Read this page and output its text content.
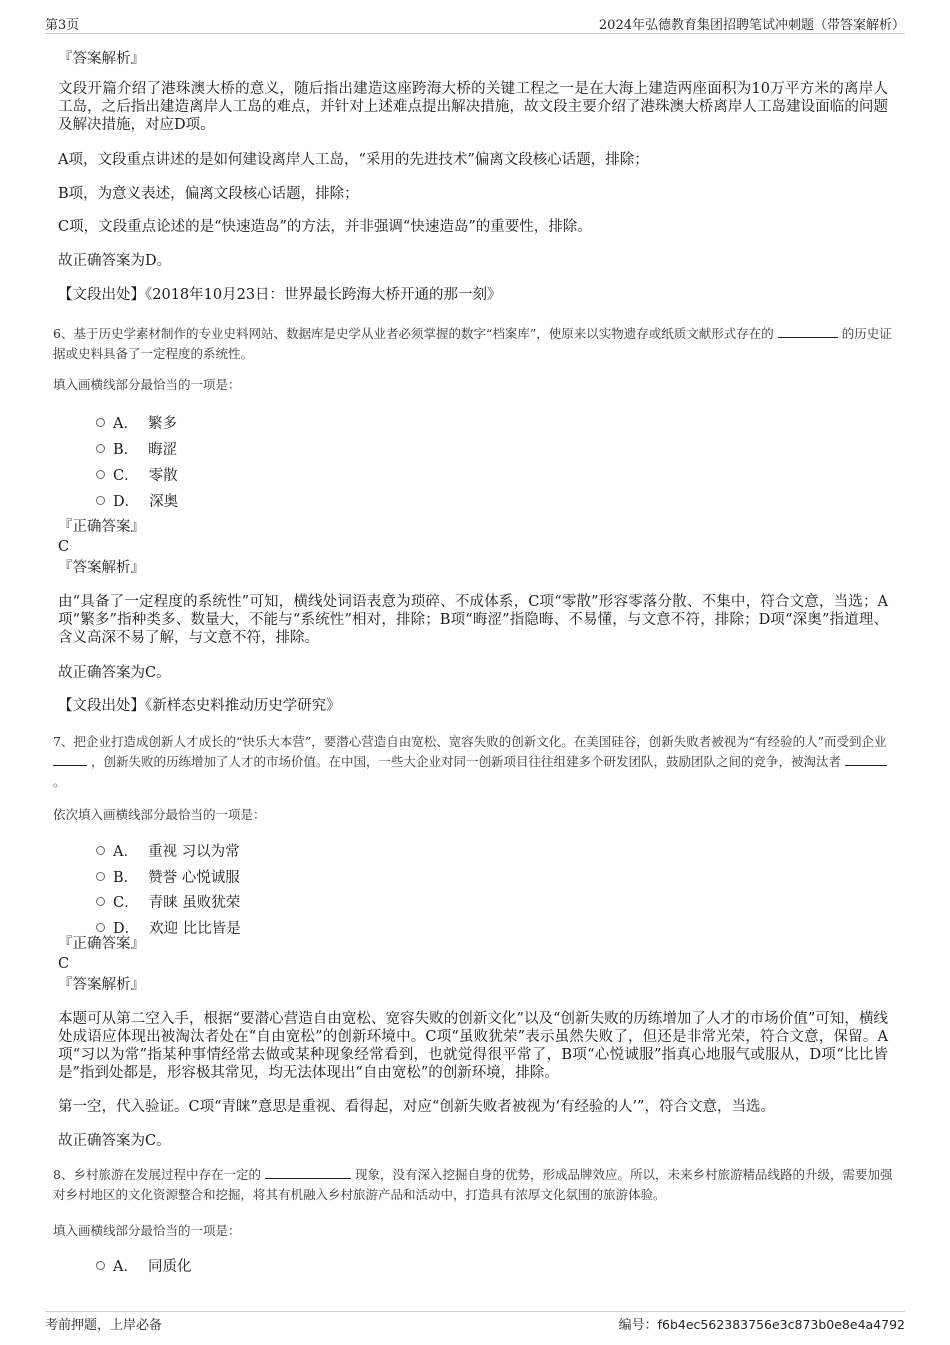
第3页	2024年弘德教育集团招聘笔试冲刺题（带答案解析）
『答案解析』

文段开篇介绍了港珠澳大桥的意义，随后指出建造这座跨海大桥的关键工程之一是在大海上建造两座面积为10万平方米的离岸人工岛，之后指出建造离岸人工岛的难点，并针对上述难点提出解决措施，故文段主要介绍了港珠澳大桥离岸人工岛建设面临的问题及解决措施，对应D项。

A项，文段重点讲述的是如何建设离岸人工岛，“采用的先进技术”偏离文段核心话题，排除；
B项，为意义表述，偏离文段核心话题，排除；
C项，文段重点论述的是“快速造岛”的方法，并非强调“快速造岛”的重要性，排除。
故正确答案为D。
【文段出处】《2018年10月23日：世界最长跨海大桥开通的那一刻》
6、基于历史学素材制作的专业史料网站、数据库是史学从业者必须掌握的数字“档案库”，使原来以实物遗存或纸质文献形式存在的	的历史证据或史料具备了一定程度的系统性。
填入画横线部分最恰当的一项是：
A． 繁多
B． 晦涩
C． 零散
D． 深奥
『正确答案』
C
『答案解析』

由“具备了一定程度的系统性”可知，横线处词语表意为琐碎、不成体系，C项“零散”形容零落分散、不集中，符合文意，当选；A项“繁多”指种类多、数量大，不能与“系统性”相对，排除；B项“晦涩”指隐晦、不易懂，与文意不符，排除；D项“深奥”指道理、含义高深不易了解，与文意不符，排除。

故正确答案为C。
【文段出处】《新样态史料推动历史学研究》
7、把企业打造成创新人才成长的“快乐大本营”，要潜心营造自由宽松、宽容失败的创新文化。在美国硅谷，创新失败者被视为“有经验的人”而受到企业  ，创新失败的历练增加了人才的市场价值。在中国，一些大企业对同一创新项目往往组建多个研发团队，鼓励团队之间的竞争，被淘汰者  。
依次填入画横线部分最恰当的一项是：
A． 重视 习以为常
B． 赞誉 心悦诚服
C． 青睐 虽败犹荣
D． 欢迎 比比皆是
『正确答案』
C
『答案解析』

本题可从第二空入手，根据“要潜心营造自由宽松、宽容失败的创新文化”以及“创新失败的历练增加了人才的市场价值”可知，横线处成语应体现出被淘汰者处在“自由宽松”的创新环境中。C项“虽败犹荣”表示虽然失败了，但还是非常光荣，符合文意，保留。A项“习以为常”指某种事情经常去做或某种现象经常看到，也就觉得很平常了，B项“心悦诚服”指真心地服气或服从，D项“比比皆是”指到处都是，形容极其常见，均无法体现出“自由宽松”的创新环境，排除。

第一空，代入验证。C项“青睐”意思是重视、看得起，对应“创新失败者被视为‘有经验的人’”，符合文意，当选。
故正确答案为C。
8、乡村旅游在发展过程中存在一定的	现象，没有深入挖掘自身的优势，形成品牌效应。所以，未来乡村旅游精品线路的升级，需要加强对乡村地区的文化资源整合和挖掘，将其有机融入乡村旅游产品和活动中，打造具有浓厚文化氛围的旅游体验。
填入画横线部分最恰当的一项是：
A． 同质化
考前押题，上岸必备	编号：f6b4ec562383756e3c873b0e8e4a4792
